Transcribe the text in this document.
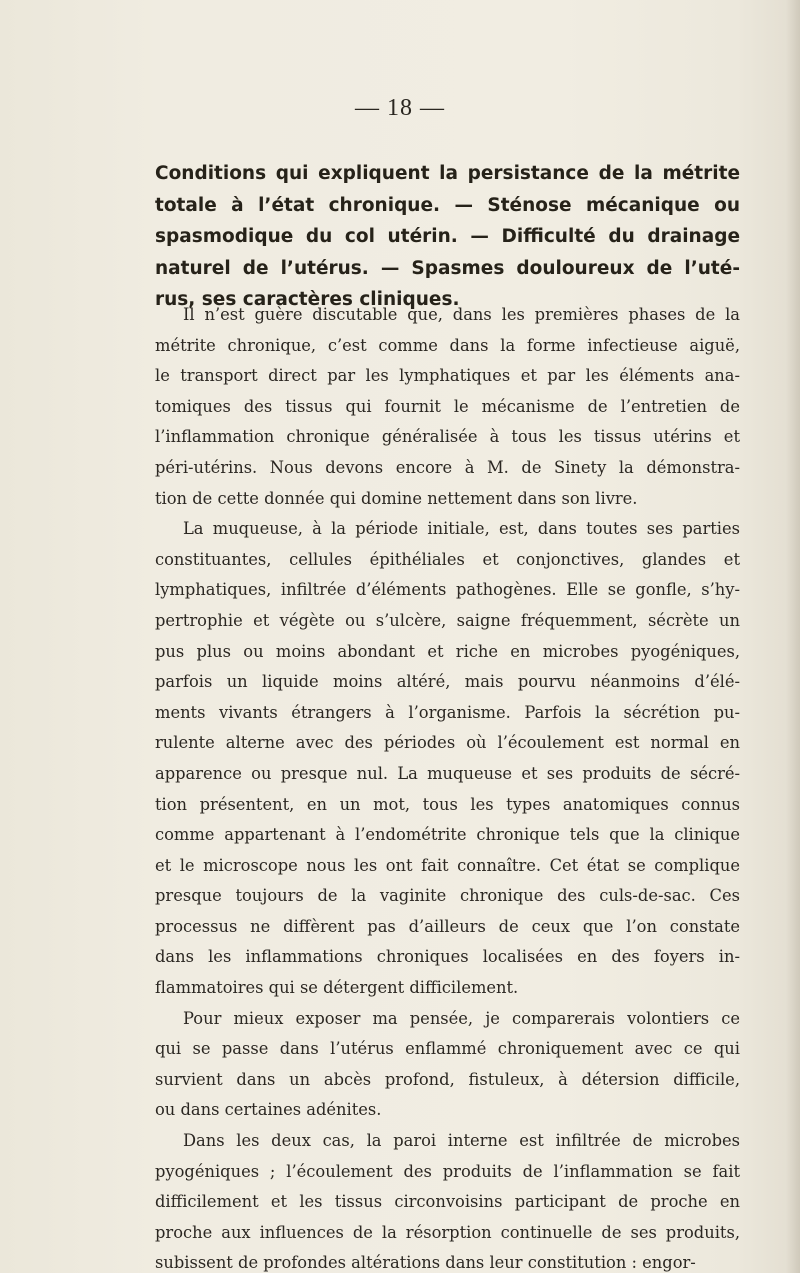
— 18 —
Conditions qui expliquent la persistance de la métrite
totale à l’état chronique. — Sténose mécanique ou
spasmodique du col utérin. — Difficulté du drainage
naturel de l’utérus. — Spasmes douloureux de l’uté-
rus, ses caractères cliniques.
Il n’est guère discutable que, dans les premières phases de la
métrite chronique, c’est comme dans la forme infectieuse aiguë,
le transport direct par les lymphatiques et par les éléments ana-
tomiques des tissus qui fournit le mécanisme de l’entretien de
l’inflammation chronique généralisée à tous les tissus utérins et
péri-utérins. Nous devons encore à M. de Sinety la démonstra-
tion de cette donnée qui domine nettement dans son livre.
La muqueuse, à la période initiale, est, dans toutes ses parties
constituantes, cellules épithéliales et conjonctives, glandes et
lymphatiques, infiltrée d’éléments pathogènes. Elle se gonfle, s’hy-
pertrophie et végète ou s’ulcère, saigne fréquemment, sécrète un
pus plus ou moins abondant et riche en microbes pyogéniques,
parfois un liquide moins altéré, mais pourvu néanmoins d’élé-
ments vivants étrangers à l’organisme. Parfois la sécrétion pu-
rulente alterne avec des périodes où l’écoulement est normal en
apparence ou presque nul. La muqueuse et ses produits de sécré-
tion présentent, en un mot, tous les types anatomiques connus
comme appartenant à l’endométrite chronique tels que la clinique
et le microscope nous les ont fait connaître. Cet état se complique
presque toujours de la vaginite chronique des culs-de-sac. Ces
processus ne diffèrent pas d’ailleurs de ceux que l’on constate
dans les inflammations chroniques localisées en des foyers in-
flammatoires qui se détergent difficilement.
Pour mieux exposer ma pensée, je comparerais volontiers ce
qui se passe dans l’utérus enflammé chroniquement avec ce qui
survient dans un abcès profond, fistuleux, à détersion difficile,
ou dans certaines adénites.
Dans les deux cas, la paroi interne est infiltrée de microbes
pyogéniques ; l’écoulement des produits de l’inflammation se fait
difficilement et les tissus circonvoisins participant de proche en
proche aux influences de la résorption continuelle de ses produits,
subissent de profondes altérations dans leur constitution : engor-
